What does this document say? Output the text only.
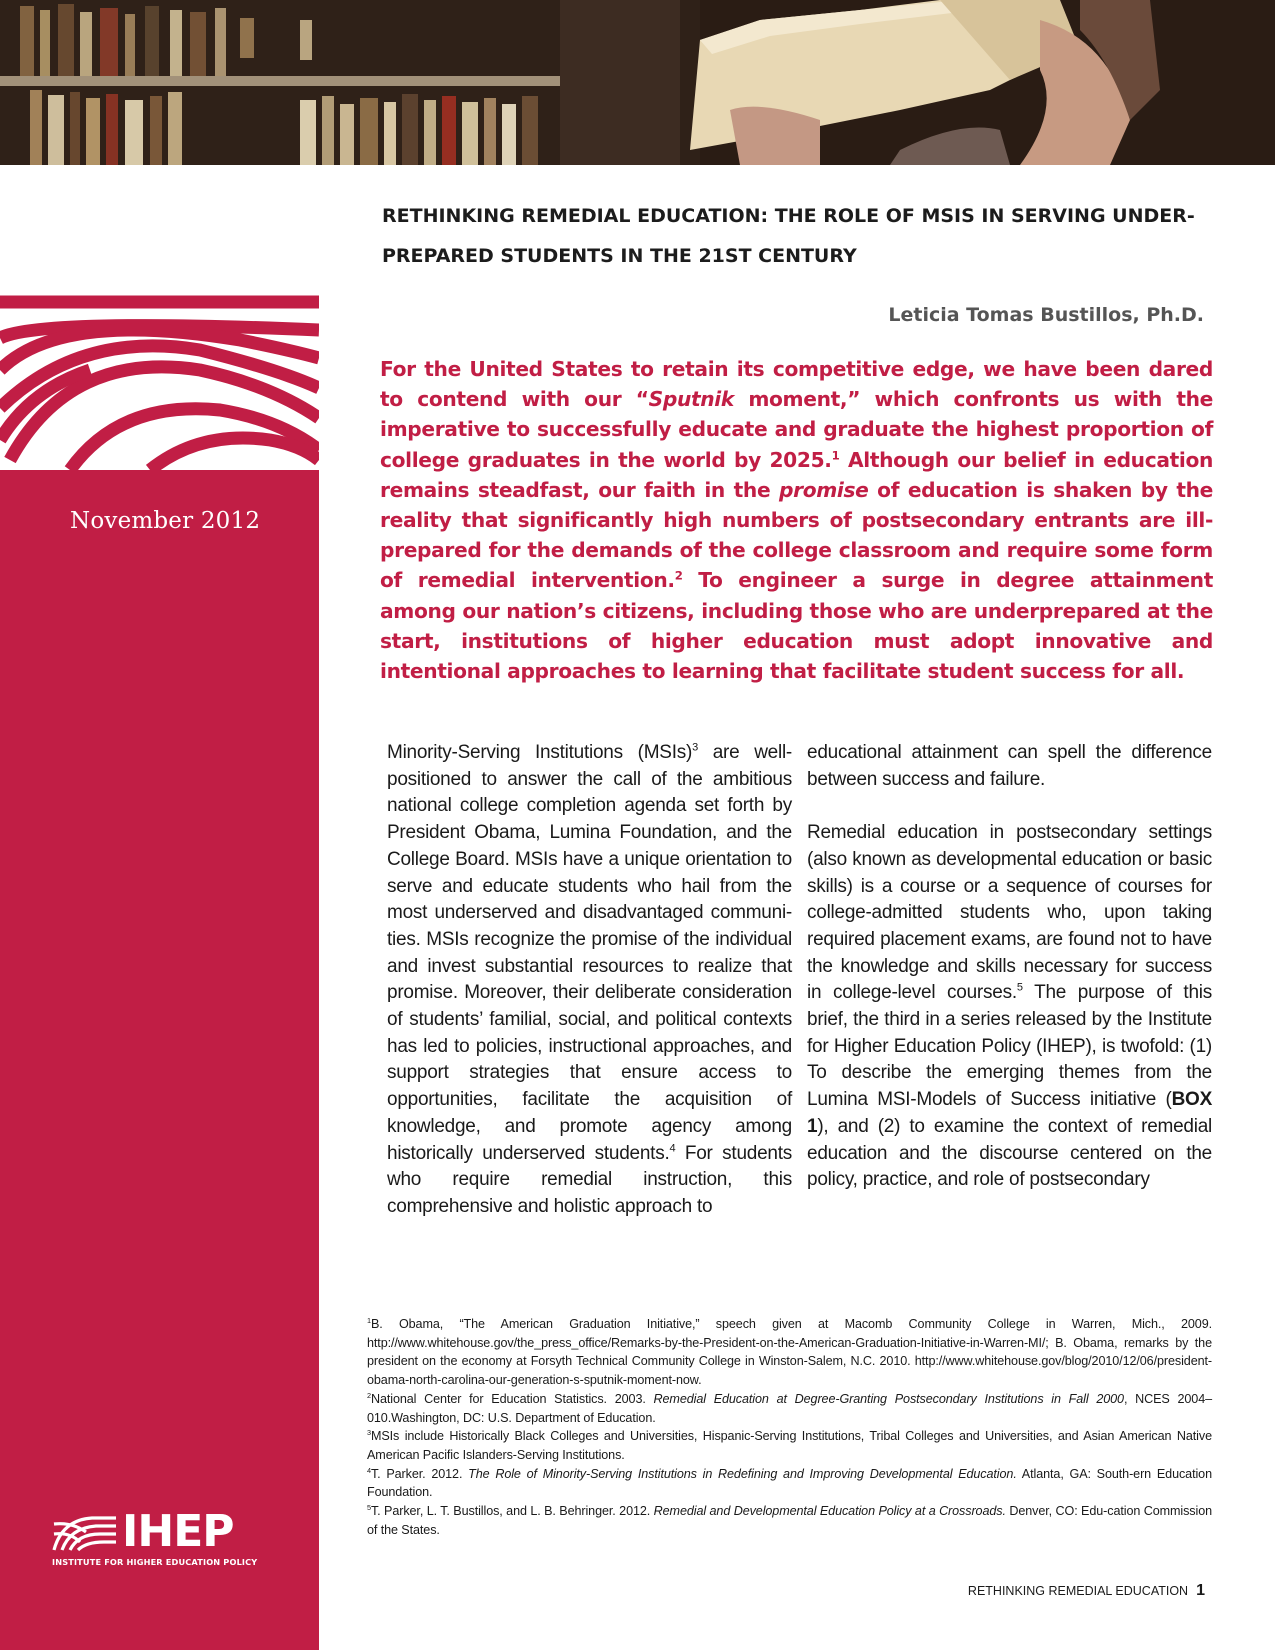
RETHINKING REMEDIAL EDUCATION: THE ROLE OF MSIS IN SERVING UNDER-PREPARED STUDENTS IN THE 21ST CENTURY
Leticia Tomas Bustillos, Ph.D.
November 2012
IHEP
INSTITUTE FOR HIGHER EDUCATION POLICY
For the United States to retain its competitive edge, we have been dared to contend with our “Sputnik moment,” which confronts us with the imperative to successfully educate and graduate the highest proportion of college graduates in the world by 2025.$^1$ Although our belief in education remains steadfast, our faith in the promise of education is shaken by the reality that significantly high numbers of postsecondary entrants are ill-prepared for the demands of the college classroom and require some form of remedial intervention.$^2$ To engineer a surge in degree attainment among our nation’s citizens, including those who are underprepared at the start, institutions of higher education must adopt innovative and intentional approaches to learning that facilitate student success for all.

Minority-Serving Institutions (MSIs)$^3$ are well-positioned to answer the call of the ambitious national college completion agenda set forth by President Obama, Lumina Foundation, and the College Board. MSIs have a unique orientation to serve and educate students who hail from the most underserved and disadvantaged communi-ties. MSIs recognize the promise of the individual and invest substantial resources to realize that promise. Moreover, their deliberate consideration of students’ familial, social, and political contexts has led to policies, instructional approaches, and support strategies that ensure access to opportunities, facilitate the acquisition of knowledge, and promote agency among historically underserved students.$^4$ For students who require remedial instruction, this comprehensive and holistic approach to

educational attainment can spell the difference between success and failure.

Remedial education in postsecondary settings (also known as developmental education or basic skills) is a course or a sequence of courses for college-admitted students who, upon taking required placement exams, are found not to have the knowledge and skills necessary for success in college-level courses.$^5$ The purpose of this brief, the third in a series released by the Institute for Higher Education Policy (IHEP), is twofold: (1) To describe the emerging themes from the Lumina MSI-Models of Success initiative (BOX 1), and (2) to examine the context of remedial education and the discourse centered on the policy, practice, and role of postsecondary

$^1$B. Obama, “The American Graduation Initiative,” speech given at Macomb Community College in Warren, Mich., 2009. http://www.whitehouse.gov/the_press_office/Remarks-by-the-President-on-the-American-Graduation-Initiative-in-Warren-MI/; B. Obama, remarks by the president on the economy at Forsyth Technical Community College in Winston-Salem, N.C. 2010. http://www.whitehouse.gov/blog/2010/12/06/president-obama-north-carolina-our-generation-s-sputnik-moment-now.

$^2$National Center for Education Statistics. 2003. Remedial Education at Degree-Granting Postsecondary Institutions in Fall 2000, NCES 2004–010.Washington, DC: U.S. Department of Education.

$^3$MSIs include Historically Black Colleges and Universities, Hispanic-Serving Institutions, Tribal Colleges and Universities, and Asian American Native American Pacific Islanders-Serving Institutions.

$^4$T. Parker. 2012. The Role of Minority-Serving Institutions in Redefining and Improving Developmental Education. Atlanta, GA: South-ern Education Foundation.

$^5$T. Parker, L. T. Bustillos, and L. B. Behringer. 2012. Remedial and Developmental Education Policy at a Crossroads. Denver, CO: Edu-cation Commission of the States.

RETHINKING REMEDIAL EDUCATION 1
